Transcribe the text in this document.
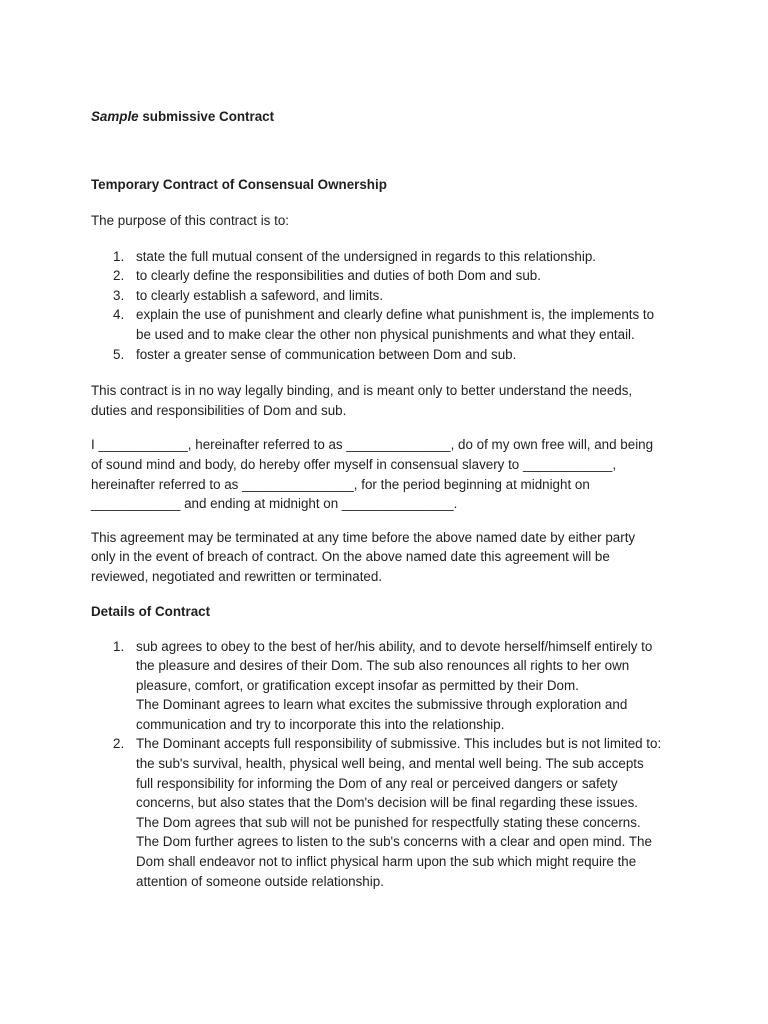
Sample submissive Contract
Temporary Contract of Consensual Ownership

The purpose of this contract is to:

1. state the full mutual consent of the undersigned in regards to this relationship.
2. to clearly define the responsibilities and duties of both Dom and sub.
3. to clearly establish a safeword, and limits.
4. explain the use of punishment and clearly define what punishment is, the implements to
be used and to make clear the other non physical punishments and what they entail.
5. foster a greater sense of communication between Dom and sub.

This contract is in no way legally binding, and is meant only to better understand the needs,
duties and responsibilities of Dom and sub.

I ____________, hereinafter referred to as ______________, do of my own free will, and being
of sound mind and body, do hereby offer myself in consensual slavery to ____________,
hereinafter referred to as _______________, for the period beginning at midnight on
____________ and ending at midnight on _______________.

This agreement may be terminated at any time before the above named date by either party
only in the event of breach of contract. On the above named date this agreement will be
reviewed, negotiated and rewritten or terminated.

Details of Contract
1. sub agrees to obey to the best of her/his ability, and to devote herself/himself entirely to
the pleasure and desires of their Dom. The sub also renounces all rights to her own
pleasure, comfort, or gratification except insofar as permitted by their Dom.
The Dominant agrees to learn what excites the submissive through exploration and
communication and try to incorporate this into the relationship.
2. The Dominant accepts full responsibility of submissive. This includes but is not limited to:
the sub's survival, health, physical well being, and mental well being. The sub accepts
full responsibility for informing the Dom of any real or perceived dangers or safety
concerns, but also states that the Dom's decision will be final regarding these issues.
The Dom agrees that sub will not be punished for respectfully stating these concerns.
The Dom further agrees to listen to the sub's concerns with a clear and open mind. The
Dom shall endeavor not to inflict physical harm upon the sub which might require the
attention of someone outside relationship.
